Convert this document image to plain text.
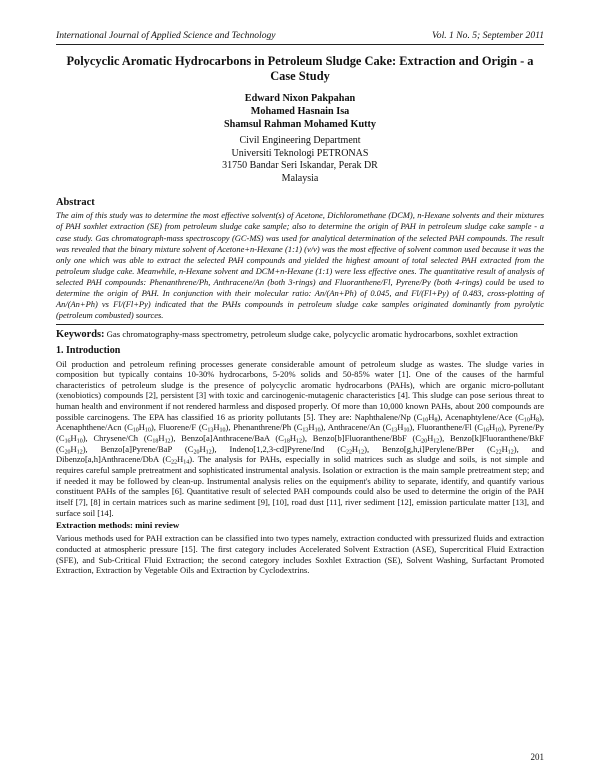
International Journal of Applied Science and Technology	Vol. 1 No. 5; September 2011
Polycyclic Aromatic Hydrocarbons in Petroleum Sludge Cake: Extraction and Origin - a Case Study
Edward Nixon Pakpahan
Mohamed Hasnain Isa
Shamsul Rahman Mohamed Kutty
Civil Engineering Department
Universiti Teknologi PETRONAS
31750 Bandar Seri Iskandar, Perak DR
Malaysia
Abstract
The aim of this study was to determine the most effective solvent(s) of Acetone, Dichloromethane (DCM), n-Hexane solvents and their mixtures of PAH soxhlet extraction (SE) from petroleum sludge cake sample; also to determine the origin of PAH in petroleum sludge cake sample - a case study. Gas chromatograph-mass spectroscopy (GC-MS) was used for analytical determination of the selected PAH compounds. The result was revealed that the binary mixture solvent of Acetone+n-Hexane (1:1) (v/v) was the most effective of solvent common used because it was the only one which was able to extract the selected PAH compounds and yielded the highest amount of total selected PAH extracted from the petroleum sludge cake. Meanwhile, n-Hexane solvent and DCM+n-Hexane (1:1) were less effective ones. The quantitative result of analysis of selected PAH compounds: Phenanthrene/Ph, Anthracene/An (both 3-rings) and Fluoranthene/Fl, Pyrene/Py (both 4-rings) could be used to determine the origin of PAH. In conjunction with their molecular ratio: An/(An+Ph) of 0.045, and Fl/(Fl+Py) of 0.483, cross-plotting of An/(An+Ph) vs Fl/(Fl+Py) indicated that the PAHs compounds in petroleum sludge cake samples originated dominantly from pyrolytic (petroleum combusted) sources.
Keywords: Gas chromatography-mass spectrometry, petroleum sludge cake, polycyclic aromatic hydrocarbons, soxhlet extraction
1. Introduction
Oil production and petroleum refining processes generate considerable amount of petroleum sludge as wastes. The sludge varies in composition but typically contains 10-30% hydrocarbons, 5-20% solids and 50-85% water [1]. One of the causes of the harmful characteristics of petroleum sludge is the presence of polycyclic aromatic hydrocarbons (PAHs), which are organic micro-pollutant (xenobiotics) compounds [2], persistent [3] with toxic and carcinogenic-mutagenic characteristics [4]. This sludge can pose serious threat to human health and environment if not rendered harmless and disposed properly. Of more than 10,000 known PAHs, about 200 compounds are possible carcinogens. The EPA has classified 16 as priority pollutants [5]. They are: Naphthalene/Np $(C_{10}H_8)$, Acenaphtylene/Ace $(C_{10}H_8)$, Acenaphthene/Acn $(C_{10}H_{10})$, Fluorene/F $(C_{13}H_{10})$, Phenanthrene/Ph $(C_{13}H_{10})$, Anthracene/An $(C_{13}H_{10})$, Fluoranthene/Fl $(C_{16}H_{10})$, Pyrene/Py $(C_{16}H_{10})$, Chrysene/Ch $(C_{18}H_{12})$, Benzo[a]Anthracene/BaA $(C_{18}H_{12})$, Benzo[b]Fluoranthene/BbF $(C_{20}H_{12})$, Benzo[k]Fluoranthene/BkF $(C_{20}H_{12})$, Benzo[a]Pyrene/BaP $(C_{20}H_{12})$, Indeno[1,2,3-cd]Pyrene/Ind $(C_{22}H_{12})$, Benzo[g,h,i]Perylene/BPer $(C_{22}H_{12})$, and Dibenzo[a,h]Anthracene/DbA $(C_{22}H_{14})$. The analysis for PAHs, especially in solid matrices such as sludge and soils, is not simple and requires careful sample pretreatment and sophisticated instrumental analysis. Isolation or extraction is the main sample pretreatment step; and if needed it may be followed by clean-up. Instrumental analysis relies on the equipment's ability to separate, identify, and quantify various constituent PAHs of the samples [6]. Quantitative result of selected PAH compounds could also be used to determine the origin of the PAH itself [7], [8] in certain matrices such as marine sediment [9], [10], road dust [11], river sediment [12], emission particulate matter [13], and surface soil [14].
Extraction methods: mini review
Various methods used for PAH extraction can be classified into two types namely, extraction conducted with pressurized fluids and extraction conducted at atmospheric pressure [15]. The first category includes Accelerated Solvent Extraction (ASE), Supercritical Fluid Extraction (SFE), and Sub-Critical Fluid Extraction; the second category includes Soxhlet Extraction (SE), Solvent Washing, Surfactant Promoted Extraction, Extraction by Vegetable Oils and Extraction by Cyclodextrins.
201
